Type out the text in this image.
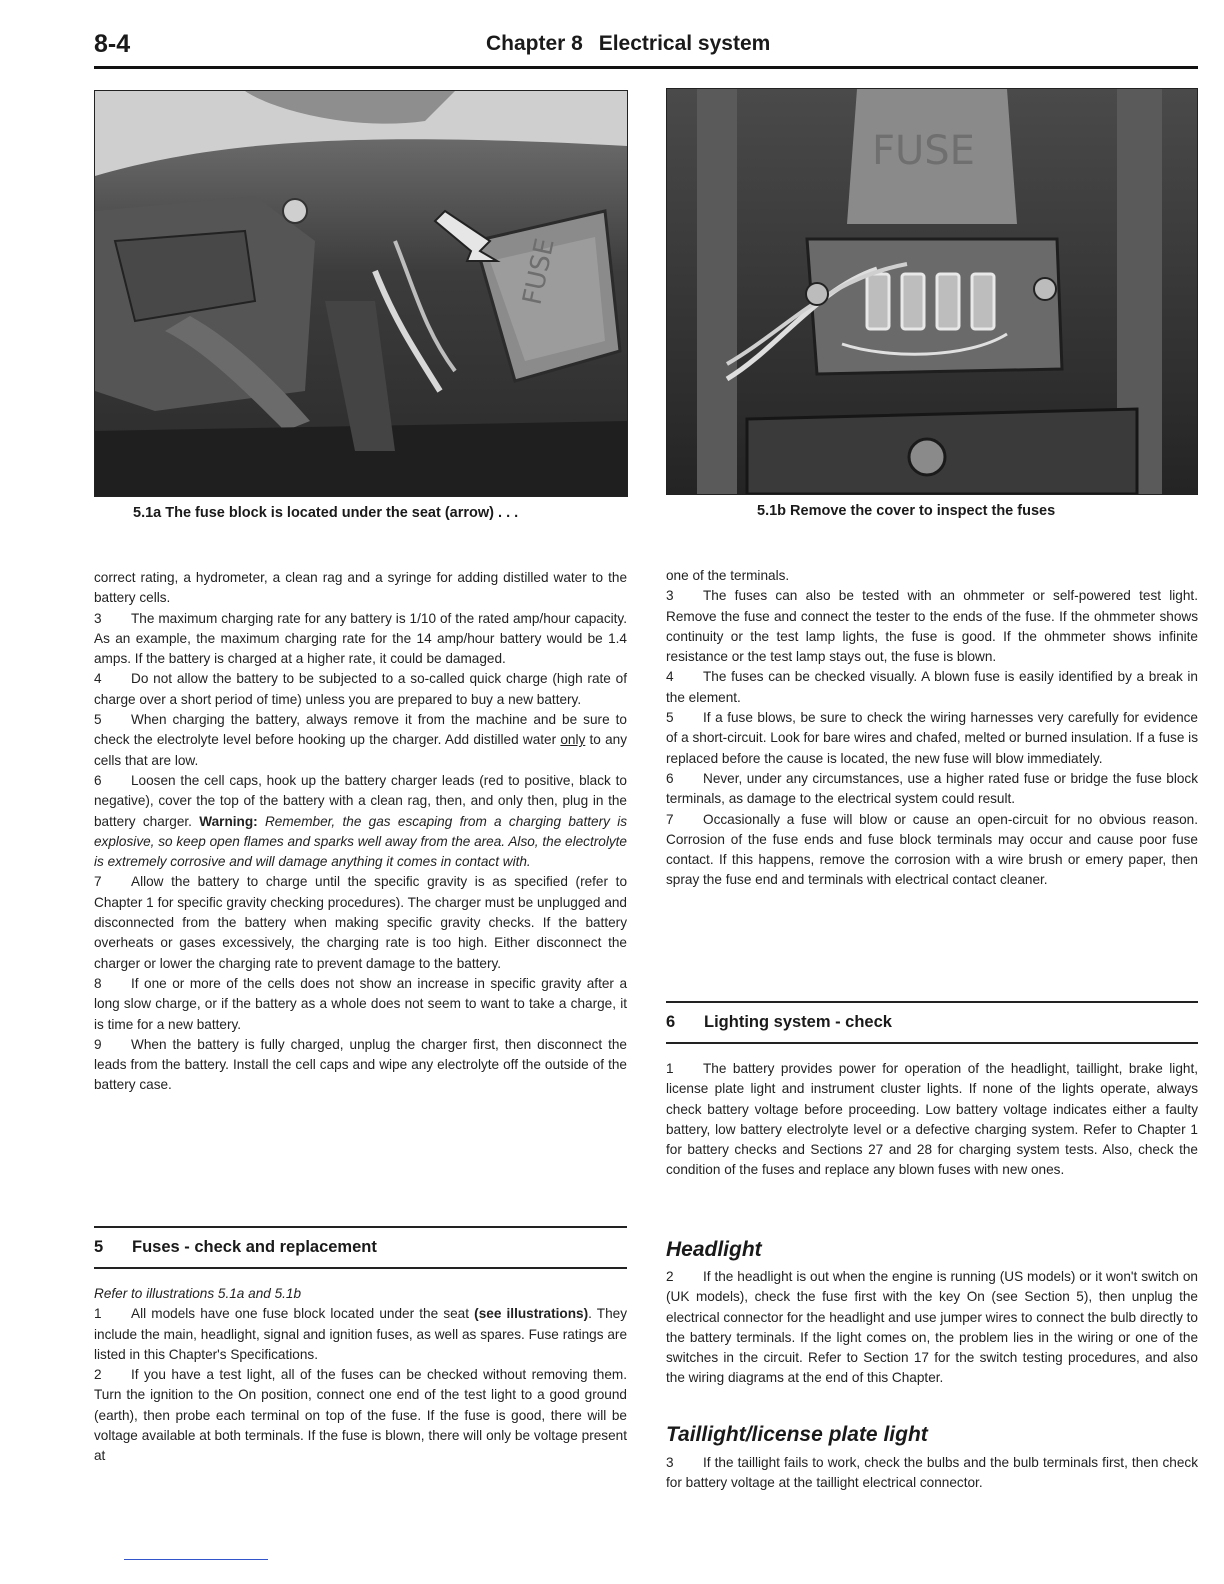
8-4	Chapter 8 Electrical system
FUSE
FUSE
5.1a The fuse block is located under the seat (arrow) . . .	5.1b Remove the cover to inspect the fuses

correct rating, a hydrometer, a clean rag and a syringe for adding distilled water to the battery cells.

3 The maximum charging rate for any battery is 1/10 of the rated amp/hour capacity. As an example, the maximum charging rate for the 14 amp/hour battery would be 1.4 amps. If the battery is charged at a higher rate, it could be damaged.

4 Do not allow the battery to be subjected to a so-called quick charge (high rate of charge over a short period of time) unless you are prepared to buy a new battery.

5 When charging the battery, always remove it from the machine and be sure to check the electrolyte level before hooking up the charger. Add distilled water only to any cells that are low.

6 Loosen the cell caps, hook up the battery charger leads (red to positive, black to negative), cover the top of the battery with a clean rag, then, and only then, plug in the battery charger. Warning: Remember, the gas escaping from a charging battery is explosive, so keep open flames and sparks well away from the area. Also, the electrolyte is extremely corrosive and will damage anything it comes in contact with.

7 Allow the battery to charge until the specific gravity is as specified (refer to Chapter 1 for specific gravity checking procedures). The charger must be unplugged and disconnected from the battery when making specific gravity checks. If the battery overheats or gases excessively, the charging rate is too high. Either disconnect the charger or lower the charging rate to prevent damage to the battery.

8 If one or more of the cells does not show an increase in specific gravity after a long slow charge, or if the battery as a whole does not seem to want to take a charge, it is time for a new battery.

9 When the battery is fully charged, unplug the charger first, then disconnect the leads from the battery. Install the cell caps and wipe any electrolyte off the outside of the battery case.

5 Fuses - check and replacement

Refer to illustrations 5.1a and 5.1b

1 All models have one fuse block located under the seat (see illustrations). They include the main, headlight, signal and ignition fuses, as well as spares. Fuse ratings are listed in this Chapter's Specifications.

2 If you have a test light, all of the fuses can be checked without removing them. Turn the ignition to the On position, connect one end of the test light to a good ground (earth), then probe each terminal on top of the fuse. If the fuse is good, there will be voltage available at both terminals. If the fuse is blown, there will only be voltage present at

one of the terminals.

3 The fuses can also be tested with an ohmmeter or self-powered test light. Remove the fuse and connect the tester to the ends of the fuse. If the ohmmeter shows continuity or the test lamp lights, the fuse is good. If the ohmmeter shows infinite resistance or the test lamp stays out, the fuse is blown.

4 The fuses can be checked visually. A blown fuse is easily identified by a break in the element.

5 If a fuse blows, be sure to check the wiring harnesses very carefully for evidence of a short-circuit. Look for bare wires and chafed, melted or burned insulation. If a fuse is replaced before the cause is located, the new fuse will blow immediately.

6 Never, under any circumstances, use a higher rated fuse or bridge the fuse block terminals, as damage to the electrical system could result.

7 Occasionally a fuse will blow or cause an open-circuit for no obvious reason. Corrosion of the fuse ends and fuse block terminals may occur and cause poor fuse contact. If this happens, remove the corrosion with a wire brush or emery paper, then spray the fuse end and terminals with electrical contact cleaner.

6 Lighting system - check

1 The battery provides power for operation of the headlight, taillight, brake light, license plate light and instrument cluster lights. If none of the lights operate, always check battery voltage before proceeding. Low battery voltage indicates either a faulty battery, low battery electrolyte level or a defective charging system. Refer to Chapter 1 for battery checks and Sections 27 and 28 for charging system tests. Also, check the condition of the fuses and replace any blown fuses with new ones.

Headlight

2 If the headlight is out when the engine is running (US models) or it won't switch on (UK models), check the fuse first with the key On (see Section 5), then unplug the electrical connector for the headlight and use jumper wires to connect the bulb directly to the battery terminals. If the light comes on, the problem lies in the wiring or one of the switches in the circuit. Refer to Section 17 for the switch testing procedures, and also the wiring diagrams at the end of this Chapter.

Taillight/license plate light

3 If the taillight fails to work, check the bulbs and the bulb terminals first, then check for battery voltage at the taillight electrical connector.
